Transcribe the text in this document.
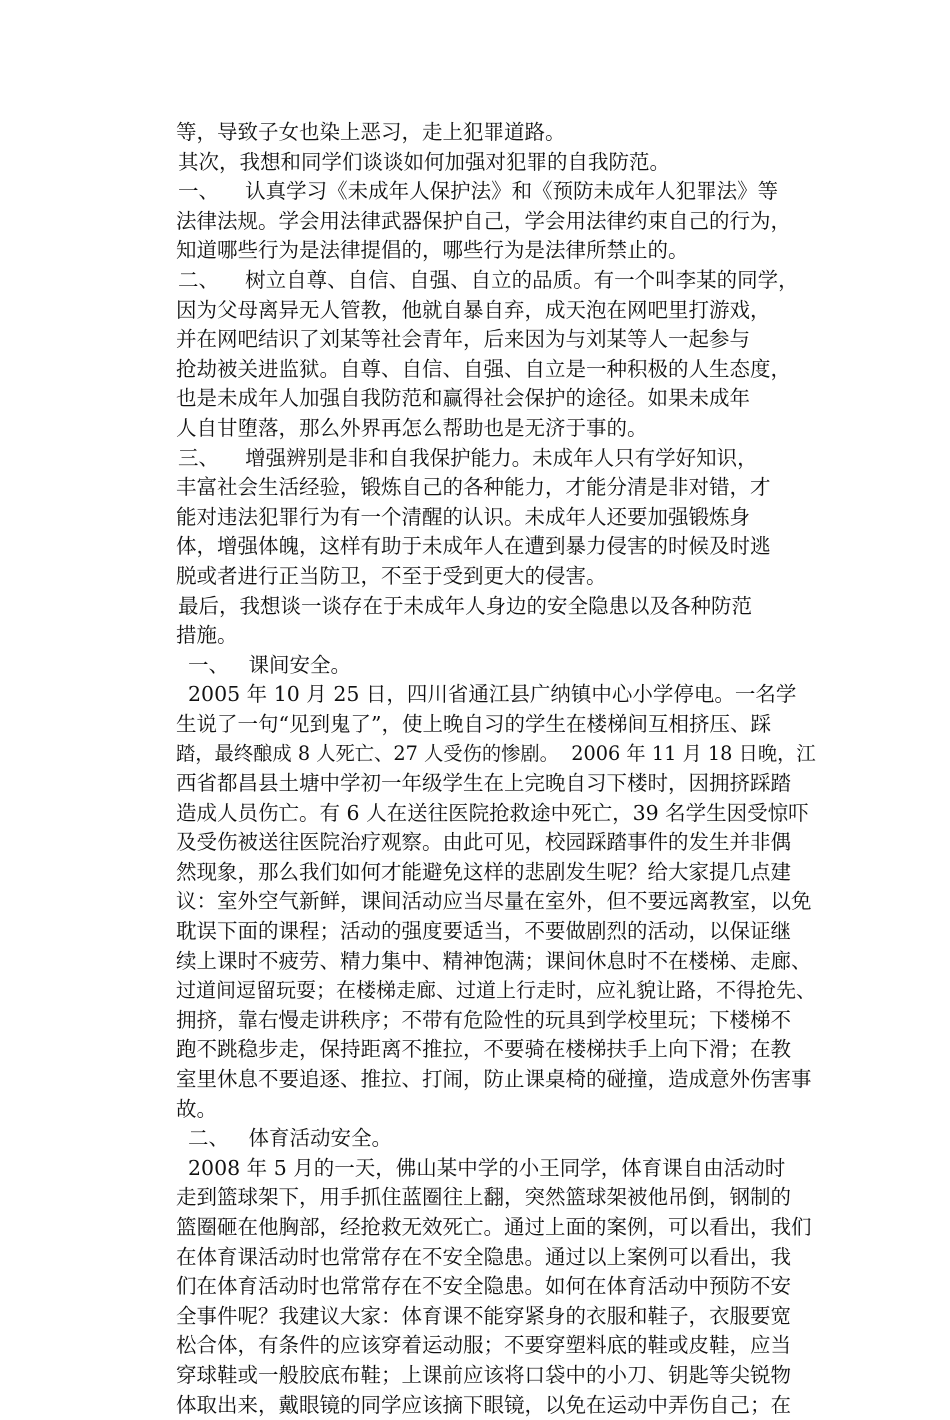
等，导致子女也染上恶习，走上犯罪道路。
其次，我想和同学们谈谈如何加强对犯罪的自我防范。
一、    认真学习《未成年人保护法》和《预防未成年人犯罪法》等
法律法规。学会用法律武器保护自己，学会用法律约束自己的行为，
知道哪些行为是法律提倡的，哪些行为是法律所禁止的。
二、    树立自尊、自信、自强、自立的品质。有一个叫李某的同学，
因为父母离异无人管教，他就自暴自弃，成天泡在网吧里打游戏，
并在网吧结识了刘某等社会青年，后来因为与刘某等人一起参与
抢劫被关进监狱。自尊、自信、自强、自立是一种积极的人生态度，
也是未成年人加强自我防范和赢得社会保护的途径。如果未成年
人自甘堕落，那么外界再怎么帮助也是无济于事的。
三、    增强辨别是非和自我保护能力。未成年人只有学好知识，
丰富社会生活经验，锻炼自己的各种能力，才能分清是非对错，才
能对违法犯罪行为有一个清醒的认识。未成年人还要加强锻炼身
体，增强体魄，这样有助于未成年人在遭到暴力侵害的时候及时逃
脱或者进行正当防卫，不至于受到更大的侵害。
最后，我想谈一谈存在于未成年人身边的安全隐患以及各种防范
措施。
一、   课间安全。
2005 年 10 月 25 日，四川省通江县广纳镇中心小学停电。一名学
生说了一句“见到鬼了”，使上晚自习的学生在楼梯间互相挤压、踩
踏，最终酿成 8 人死亡、27 人受伤的惨剧。  2006 年 11 月 18 日晚，江
西省都昌县土塘中学初一年级学生在上完晚自习下楼时，因拥挤踩踏
造成人员伤亡。有 6 人在送往医院抢救途中死亡，39 名学生因受惊吓
及受伤被送往医院治疗观察。由此可见，校园踩踏事件的发生并非偶
然现象，那么我们如何才能避免这样的悲剧发生呢？给大家提几点建
议：室外空气新鲜，课间活动应当尽量在室外，但不要远离教室，以免
耽误下面的课程；活动的强度要适当，不要做剧烈的活动，以保证继
续上课时不疲劳、精力集中、精神饱满；课间休息时不在楼梯、走廊、
过道间逗留玩耍；在楼梯走廊、过道上行走时，应礼貌让路，不得抢先、
拥挤，靠右慢走讲秩序；不带有危险性的玩具到学校里玩；下楼梯不
跑不跳稳步走，保持距离不推拉，不要骑在楼梯扶手上向下滑；在教
室里休息不要追逐、推拉、打闹，防止课桌椅的碰撞，造成意外伤害事
故。
二、   体育活动安全。
2008 年 5 月的一天，佛山某中学的小王同学，体育课自由活动时
走到篮球架下，用手抓住蓝圈往上翻，突然篮球架被他吊倒，钢制的
篮圈砸在他胸部，经抢救无效死亡。通过上面的案例，可以看出，我们
在体育课活动时也常常存在不安全隐患。通过以上案例可以看出，我
们在体育活动时也常常存在不安全隐患。如何在体育活动中预防不安
全事件呢？我建议大家：体育课不能穿紧身的衣服和鞋子，衣服要宽
松合体，有条件的应该穿着运动服；不要穿塑料底的鞋或皮鞋，应当
穿球鞋或一般胶底布鞋；上课前应该将口袋中的小刀、钥匙等尖锐物
体取出来，戴眼镜的同学应该摘下眼镜，以免在运动中弄伤自己；在
